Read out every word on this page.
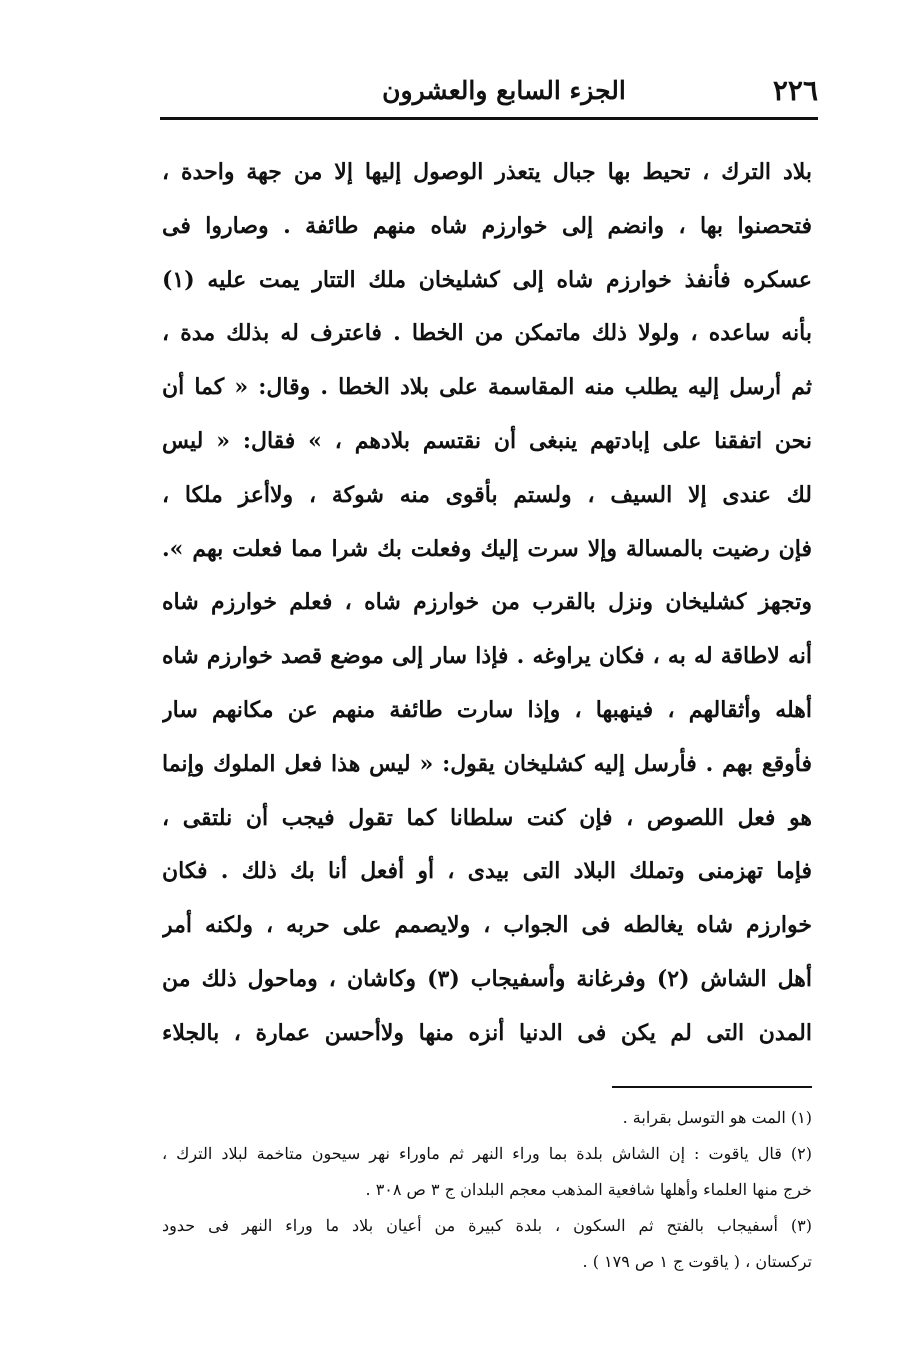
٢٢٦
الجزء السابع والعشرون
بلاد الترك ، تحيط بها جبال يتعذر الوصول إليها إلا من جهة واحدة ،
فتحصنوا بها ، وانضم إلى خوارزم شاه منهم طائفة . وصاروا فى
عسكره فأنفذ خوارزم شاه إلى كشليخان ملك التتار يمت عليه (١)
بأنه ساعده ، ولولا ذلك ماتمكن من الخطا . فاعترف له بذلك مدة ،
ثم أرسل إليه يطلب منه المقاسمة على بلاد الخطا . وقال: « كما أن
نحن اتفقنا على إبادتهم ينبغى أن نقتسم بلادهم ، » فقال: « ليس
لك عندى إلا السيف ، ولستم بأقوى منه شوكة ، ولاأعز ملكا ،
فإن رضيت بالمسالة وإلا سرت إليك وفعلت بك شرا مما فعلت بهم ».
وتجهز كشليخان ونزل بالقرب من خوارزم شاه ، فعلم خوارزم شاه
أنه لاطاقة له به ، فكان يراوغه . فإذا سار إلى موضع قصد خوارزم شاه
أهله وأثقالهم ، فينهبها ، وإذا سارت طائفة منهم عن مكانهم سار
فأوقع بهم . فأرسل إليه كشليخان يقول: « ليس هذا فعل الملوك وإنما
هو فعل اللصوص ، فإن كنت سلطانا كما تقول فيجب أن نلتقى ،
فإما تهزمنى وتملك البلاد التى بيدى ، أو أفعل أنا بك ذلك . فكان
خوارزم شاه يغالطه فى الجواب ، ولايصمم على حربه ، ولكنه أمر
أهل الشاش (٢) وفرغانة وأسفيجاب (٣) وكاشان ، وماحول ذلك من
المدن التى لم يكن فى الدنيا أنزه منها ولاأحسن عمارة ، بالجلاء
(١) المت هو التوسل بقرابة .
(٢) قال ياقوت : إن الشاش بلدة بما وراء النهر ثم ماوراء نهر سيحون متاخمة لبلاد الترك ،
خرج منها العلماء وأهلها شافعية المذهب معجم البلدان ج ٣ ص ٣٠٨ .
(٣) أسفيجاب بالفتح ثم السكون ، بلدة كبيرة من أعيان بلاد ما وراء النهر فى حدود
تركستان ، ( ياقوت ج ١ ص ١٧٩ ) .
